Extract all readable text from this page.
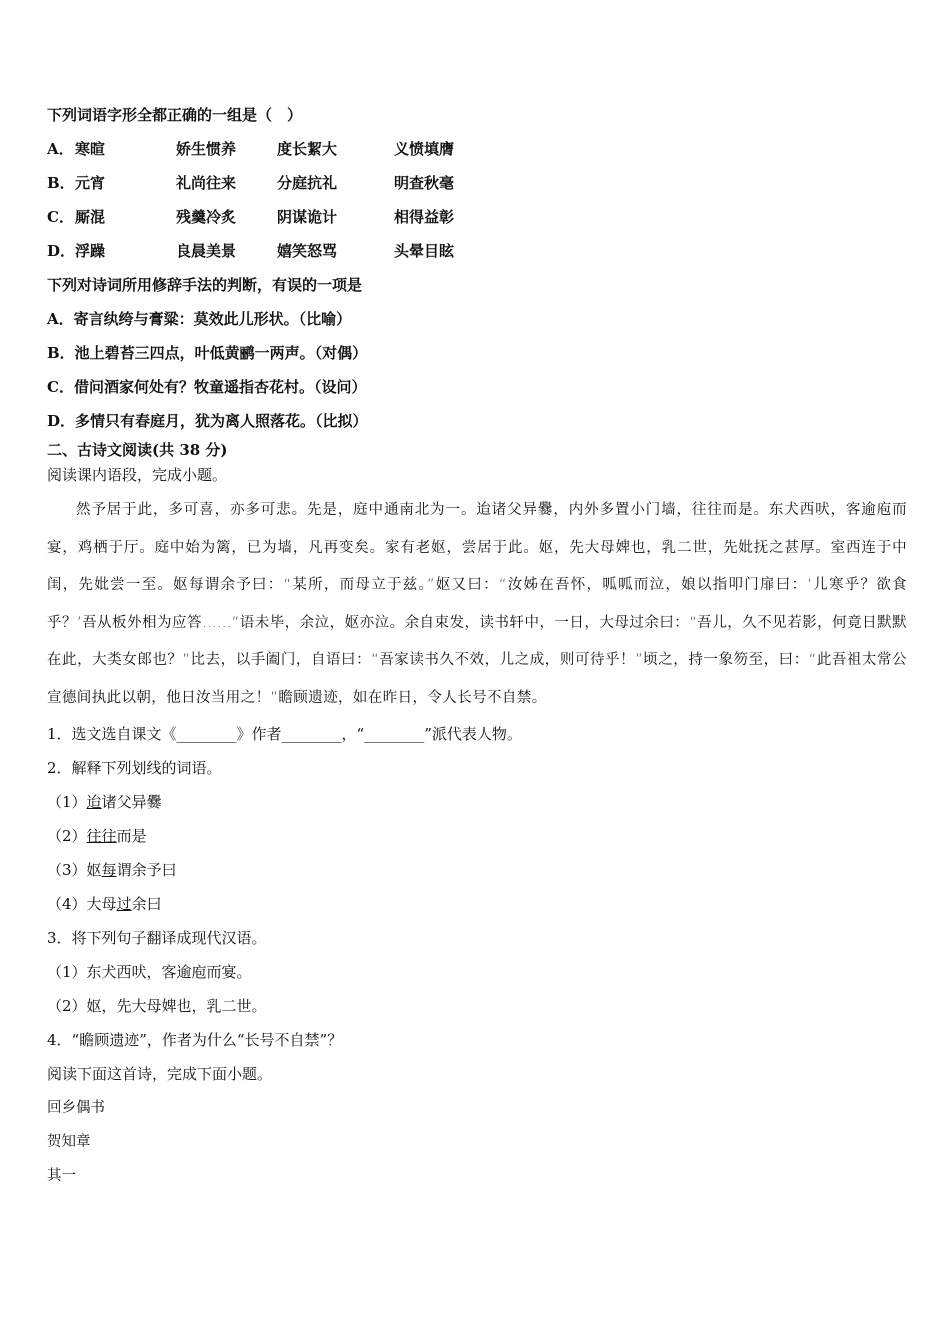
下列词语字形全都正确的一组是（　）
A． 寒暄	娇生惯养	度长絜大	义愤填膺
B． 元宵	礼尚往来	分庭抗礼	明查秋毫
C． 厮混	残羹冷炙	阴谋诡计	相得益彰
D． 浮躁	良晨美景	嬉笑怒骂	头晕目眩
下列对诗词所用修辞手法的判断，有误的一项是
A．寄言纨绔与膏粱：莫效此儿形状。（比喻）
B．池上碧苔三四点，叶低黄鹂一两声。（对偶）
C．借问酒家何处有？牧童遥指杏花村。（设问）
D．多情只有春庭月，犹为离人照落花。（比拟）
二、古诗文阅读(共 38 分)
阅读课内语段，完成小题。

然予居于此，多可喜，亦多可悲。先是，庭中通南北为一。迨诸父异爨，内外多置小门墙，往往而是。东犬西吠，客逾庖而宴，鸡栖于厅。庭中始为篱，已为墙，凡再变矣。家有老妪，尝居于此。妪，先大母婢也，乳二世，先妣抚之甚厚。室西连于中闺，先妣尝一至。妪每谓余予曰：“某所，而母立于兹。”妪又曰：“汝姊在吾怀，呱呱而泣，娘以指叩门扉曰：‘儿寒乎？欲食乎？’吾从板外相为应答……”语未毕，余泣，妪亦泣。余自束发，读书轩中，一日，大母过余曰：“吾儿，久不见若影，何竟日默默在此，大类女郎也？”比去，以手阖门，自语曰：“吾家读书久不效，儿之成，则可待乎！”顷之，持一象笏至，曰：“此吾祖太常公宣德间执此以朝，他日汝当用之！”瞻顾遗迹，如在昨日，令人长号不自禁。

1．选文选自课文《________》作者________，“________”派代表人物。
2．解释下列划线的词语。
（1）迨诸父异爨
（2）往往而是
（3）妪每谓余予曰
（4）大母过余曰
3．将下列句子翻译成现代汉语。
（1）东犬西吠，客逾庖而宴。
（2）妪，先大母婢也，乳二世。
4．“瞻顾遗迹”，作者为什么“长号不自禁”？
阅读下面这首诗，完成下面小题。
回乡偶书
贺知章
其一
